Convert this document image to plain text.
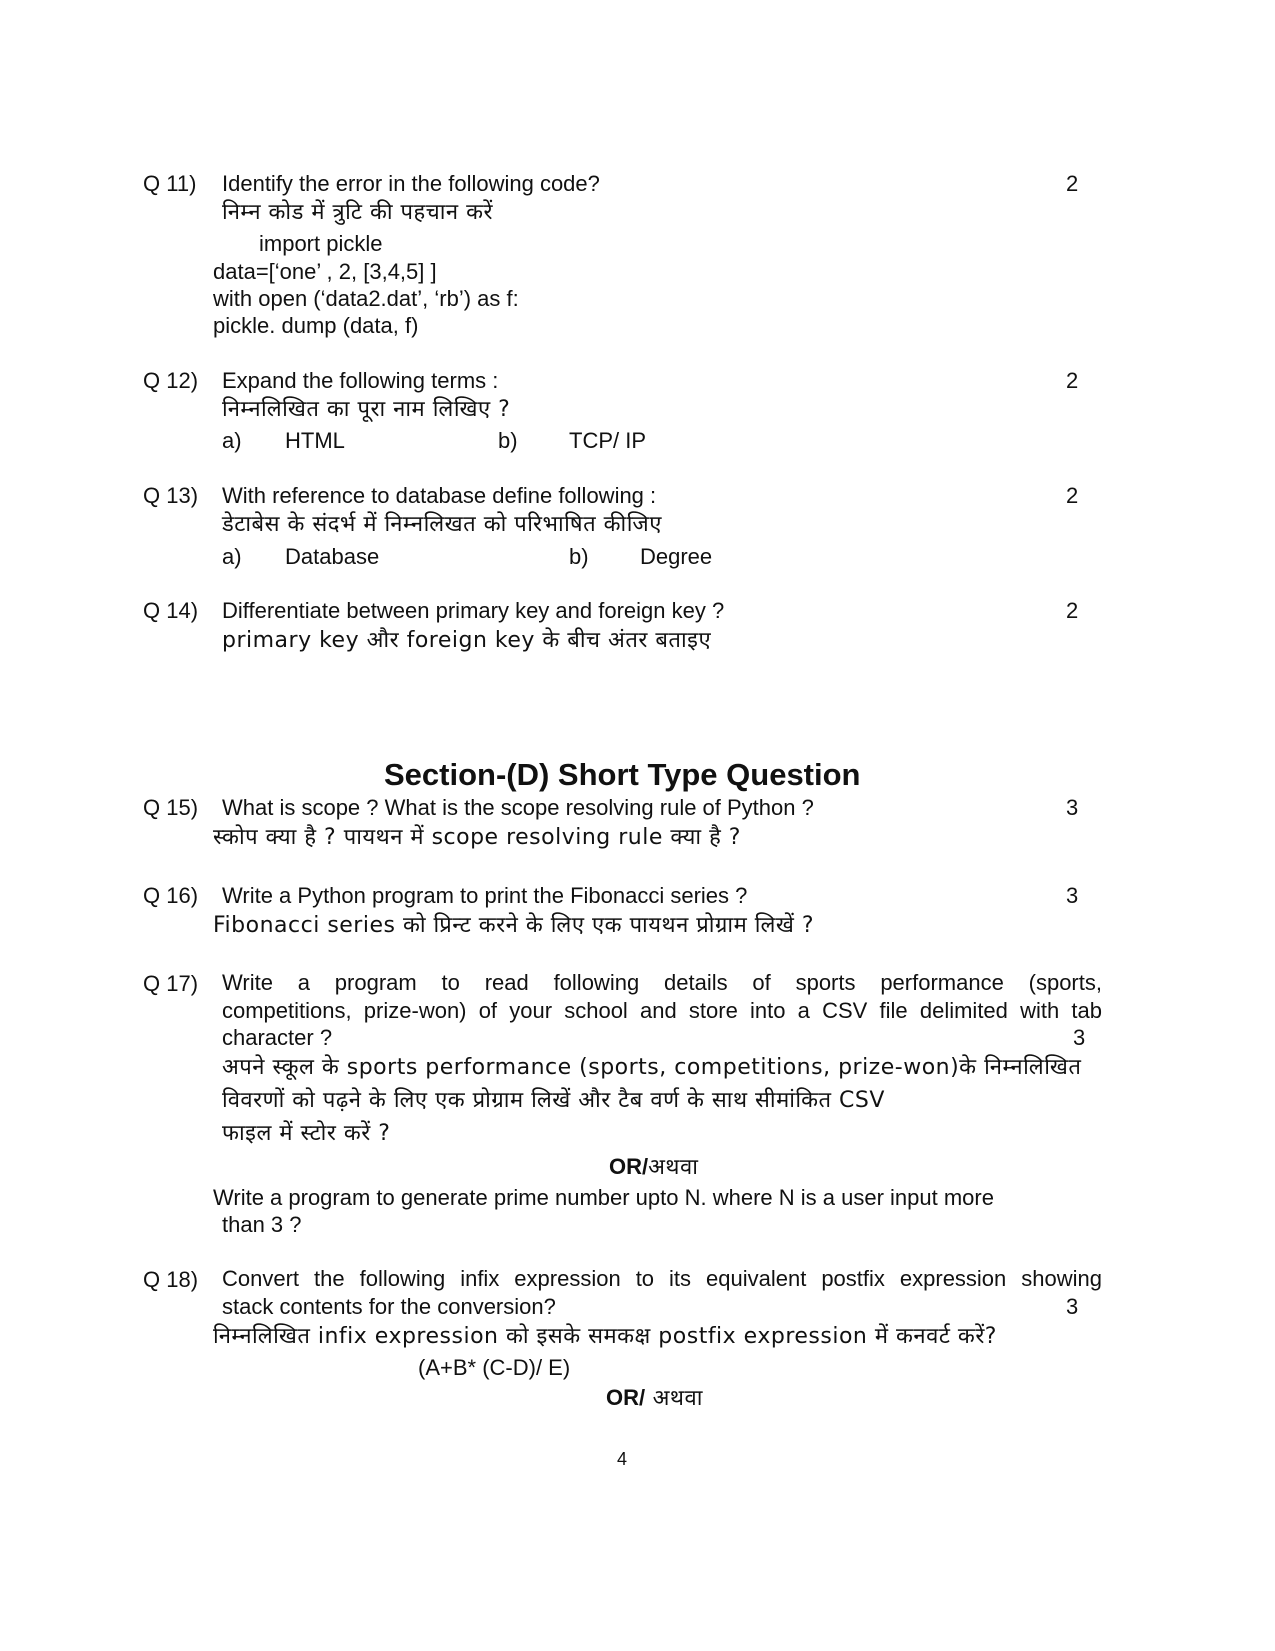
Q 11) Identify the error in the following code?	2
निम्न कोड में त्रुटि की पहचान करें
import pickle
data=[‘one’ , 2, [3,4,5] ]
with open (‘data2.dat’, ‘rb’) as f:
pickle. dump (data, f)
Q 12) Expand the following terms :	2
निम्नलिखित का पूरा नाम लिखिए ?
a) HTML	b) TCP/ IP
Q 13) With reference to database define following :	2
डेटाबेस के संदर्भ में निम्नलिखत को परिभाषित कीजिए
a) Database	b) Degree
Q 14) Differentiate between primary key and foreign key ?	2
primary key और foreign key के बीच अंतर बताइए
Section-(D) Short Type Question
Q 15) What is scope ? What is the scope resolving rule of Python ?	3
स्कोप क्या है ? पायथन में scope resolving rule क्या है ?
Q 16) Write a Python program to print the Fibonacci series ?	3
Fibonacci series को प्रिन्ट करने के लिए एक पायथन प्रोग्राम लिखें ?
Q 17) Write a program to read following details of sports performance (sports,
competitions, prize-won) of your school and store into a CSV file delimited with tab
character ?	3
अपने स्कूल के sports performance (sports, competitions, prize-won)के निम्नलिखित
विवरणों को पढ़ने के लिए एक प्रोग्राम लिखें और टैब वर्ण के साथ सीमांकित CSV
फाइल में स्टोर करें ?
OR/अथवा
Write a program to generate prime number upto N. where N is a user input more
than 3 ?
Q 18) Convert the following infix expression to its equivalent postfix expression showing
stack contents for the conversion?	3
निम्नलिखित infix expression को इसके समकक्ष postfix expression में कनवर्ट करें?
(A+B* (C-D)/ E)
OR/ अथवा
4
